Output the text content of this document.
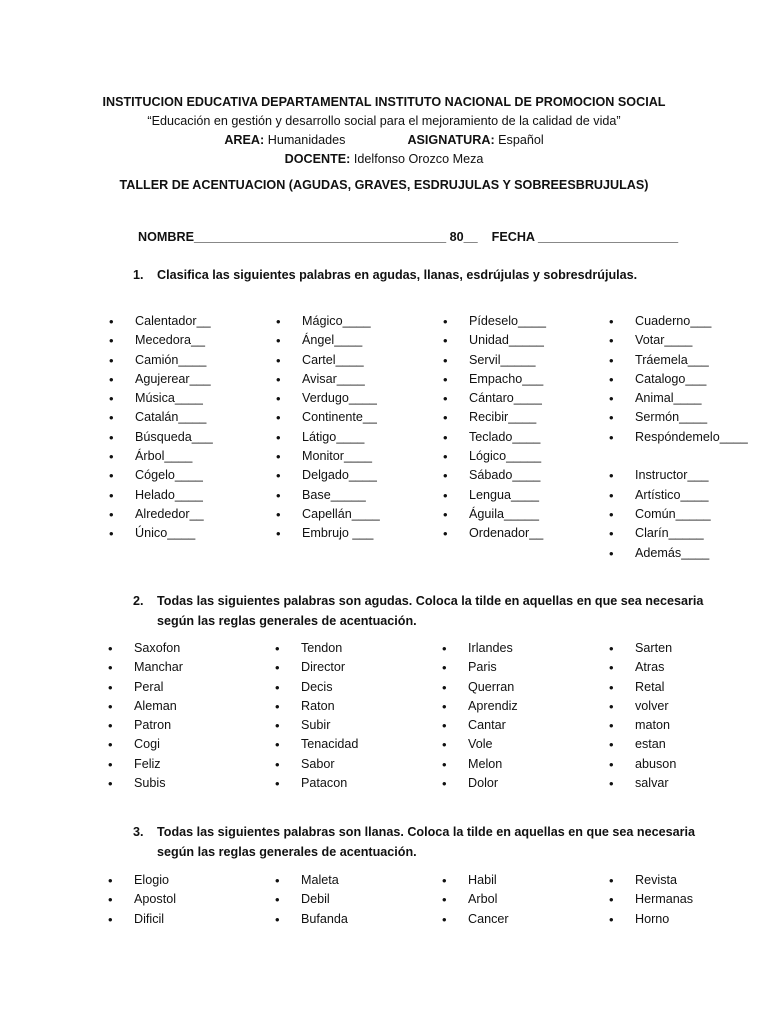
INSTITUCION EDUCATIVA DEPARTAMENTAL INSTITUTO NACIONAL DE PROMOCION SOCIAL
“Educación en gestión y desarrollo social para el mejoramiento de la calidad de vida”
AREA: Humanidades	ASIGNATURA: Español
DOCENTE: Idelfonso Orozco Meza
TALLER DE ACENTUACION (AGUDAS, GRAVES, ESDRUJULAS Y SOBREESBRUJULAS)
NOMBRE____________________________________ 80__    FECHA ____________________
1.	Clasifica las siguientes palabras en agudas, llanas, esdrújulas y sobresdrújulas.
• Calentador__
• Mecedora__
• Camión____
• Agujerear___
• Música____
• Catalán____
• Búsqueda___
• Árbol____
• Cógelo____
• Helado____
• Alrededor__
• Único____
• Mágico____
• Ángel____
• Cartel____
• Avisar____
• Verdugo____
• Continente__
• Látigo____
• Monitor____
• Delgado____
• Base_____
• Capellán____
• Embrujo ___
• Pídeselo____
• Unidad_____
• Servil_____
• Empacho___
• Cántaro____
• Recibir____
• Teclado____
• Lógico_____
• Sábado____
• Lengua____
• Águila_____
• Ordenador__
• Cuaderno___
• Votar____
• Tráemela___
• Catalogo___
• Animal____
• Sermón____
• Respóndemelo____
• Instructor___
• Artístico____
• Común_____
• Clarín_____
• Además____
2.	Todas las siguientes palabras son agudas. Coloca la tilde en aquellas en que sea necesaria según las reglas generales de acentuación.
• Saxofon
• Manchar
• Peral
• Aleman
• Patron
• Cogi
• Feliz
• Subis
• Tendon
• Director
• Decis
• Raton
• Subir
• Tenacidad
• Sabor
• Patacon
• Irlandes
• Paris
• Querran
• Aprendiz
• Cantar
• Vole
• Melon
• Dolor
• Sarten
• Atras
• Retal
• volver
• maton
• estan
• abuson
• salvar
3.	Todas las siguientes palabras son llanas. Coloca la tilde en aquellas en que sea necesaria según las reglas generales de acentuación.
• Elogio
• Apostol
• Dificil
• Maleta
• Debil
• Bufanda
• Habil
• Arbol
• Cancer
• Revista
• Hermanas
• Horno
